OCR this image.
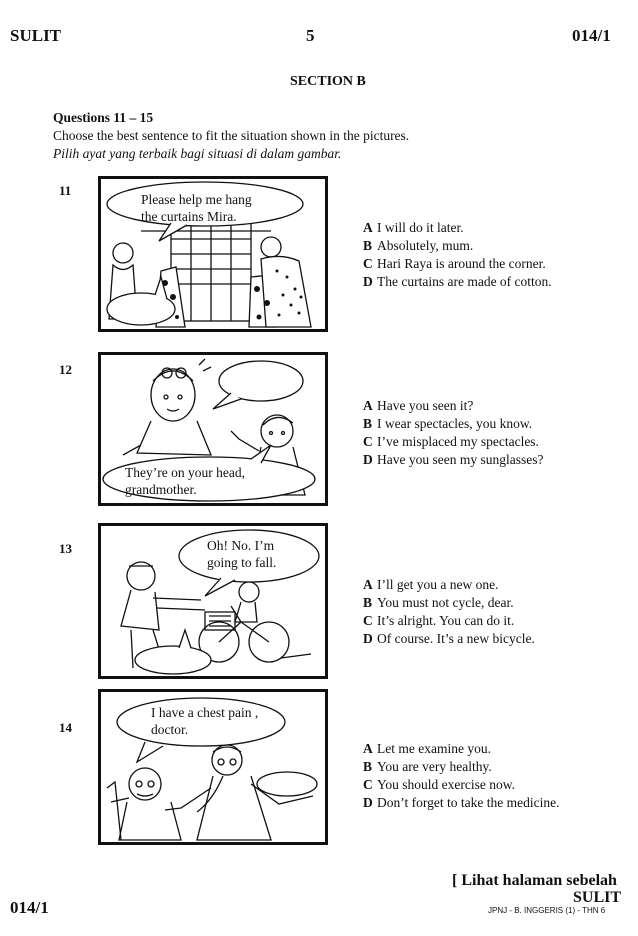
SULIT	5	014/1
SECTION B
Questions 11 – 15
Choose the best sentence to fit the situation shown in the pictures.
Pilih ayat yang terbaik bagi situasi di dalam gambar.
11
Please help me hang
the curtains Mira.
A I will do it later.
B Absolutely, mum.
C Hari Raya is around the corner.
D The curtains are made of cotton.
12
They’re on your head,
grandmother.
A Have you seen it?
B I wear spectacles, you know.
C I’ve misplaced my spectacles.
D Have you seen my sunglasses?
13	Oh! No. I’m
going to fall.
A I’ll get you a new one.
B You must not cycle, dear.
C It’s alright. You can do it.
D Of course. It’s a new bicycle.
14
I have a chest pain ,
doctor.
A Let me examine you.
B You are very healthy.
C You should exercise now.
D Don’t forget to take the medicine.
[ Lihat halaman sebelah
SULIT
014/1	JPNJ - B. INGGERIS (1) - THN 6
